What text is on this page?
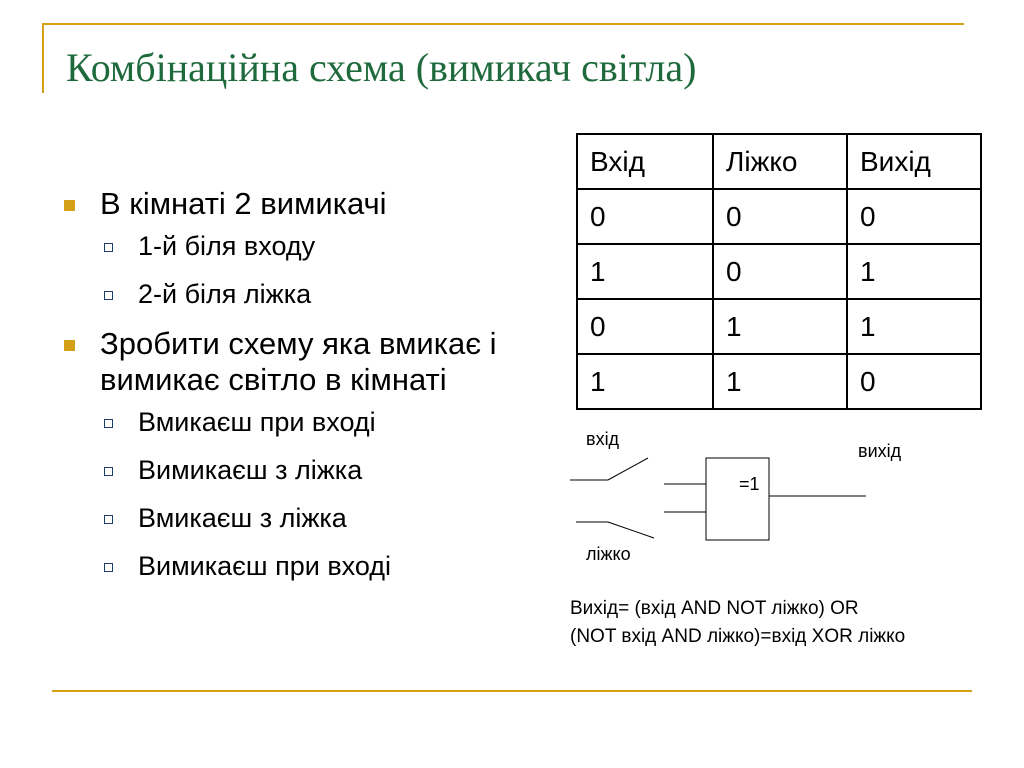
Комбінаційна схема (вимикач світла)
В кімнаті 2 вимикачі
1-й біля входу
2-й біля ліжка
Зробити схему яка вмикає і вимикає світло в кімнаті
Вмикаєш при вході
Вимикаєш з ліжка
Вмикаєш з ліжка
Вимикаєш при вході
Вхід	Ліжко	Вихід
0	0	0
1	0	1
0	1	1
1	1	0
вхід
вихід
ліжко
=1
Вихід= (вхід AND NOT ліжко) OR
(NOT вхід AND ліжко)=вхід XOR ліжко
